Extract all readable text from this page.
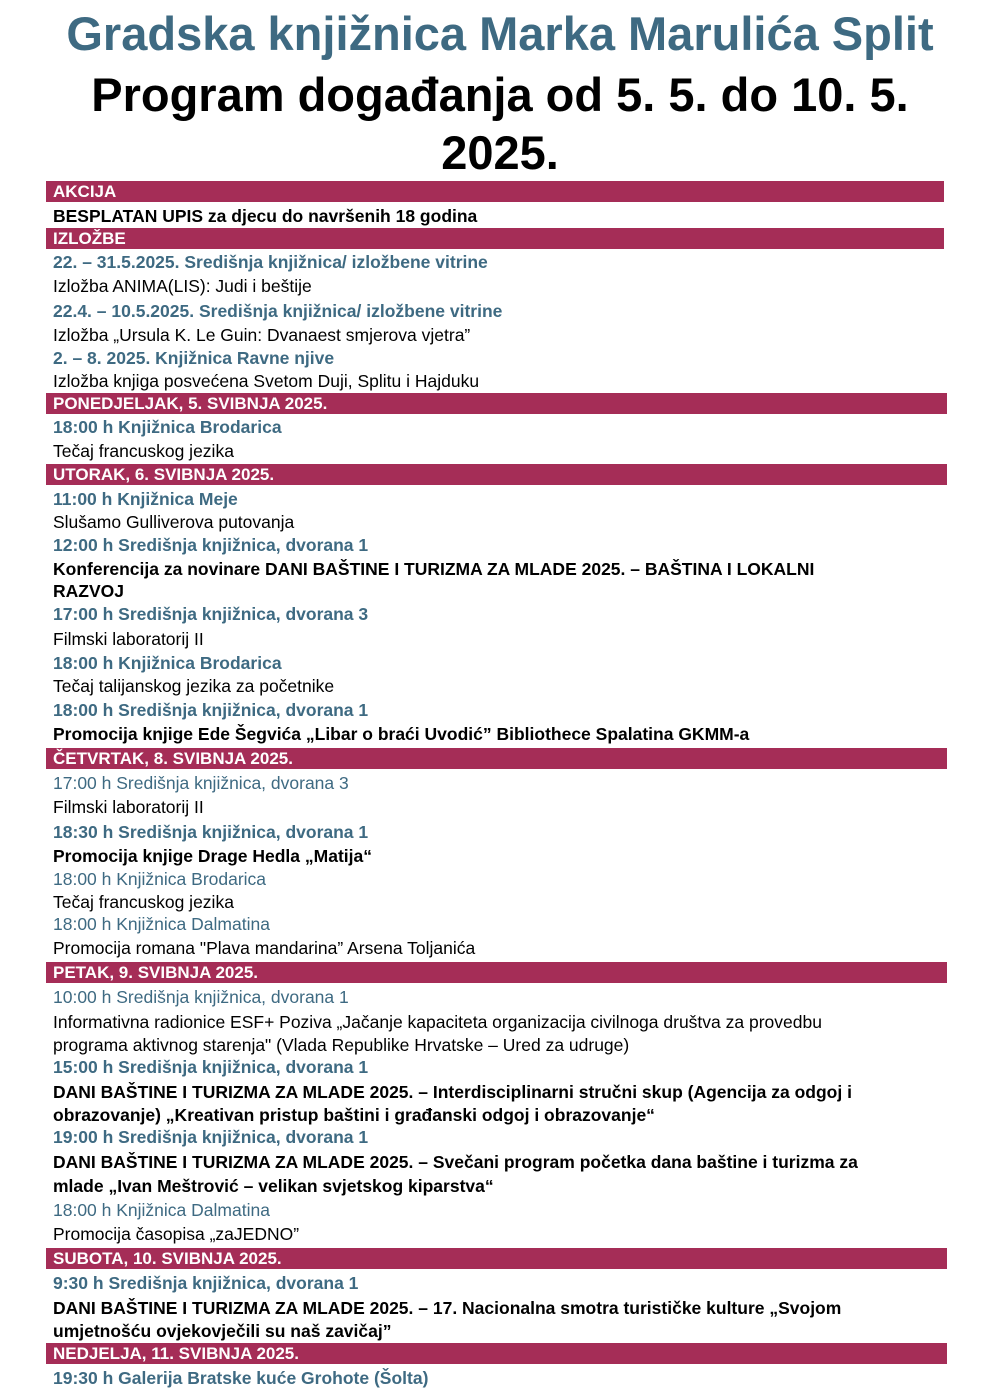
Gradska knjižnica Marka Marulića Split
Program događanja od 5. 5. do 10. 5.
2025.
AKCIJA
BESPLATAN UPIS za djecu do navršenih 18 godina
IZLOŽBE
22. – 31.5.2025. Središnja knjižnica/ izložbene vitrine
Izložba ANIMA(LIS): Judi i beštije
22.4. – 10.5.2025. Središnja knjižnica/ izložbene vitrine
Izložba „Ursula K. Le Guin: Dvanaest smjerova vjetra”
2. – 8. 2025. Knjižnica Ravne njive
Izložba knjiga posvećena Svetom Duji, Splitu i Hajduku
PONEDJELJAK, 5. SVIBNJA 2025.
18:00 h Knjižnica Brodarica
Tečaj francuskog jezika
UTORAK, 6. SVIBNJA 2025.
11:00 h Knjižnica Meje
Slušamo Gulliverova putovanja
12:00 h Središnja knjižnica, dvorana 1
Konferencija za novinare DANI BAŠTINE I TURIZMA ZA MLADE 2025. – BAŠTINA I LOKALNI
RAZVOJ
17:00 h Središnja knjižnica, dvorana 3
Filmski laboratorij II
18:00 h Knjižnica Brodarica
Tečaj talijanskog jezika za početnike
18:00 h Središnja knjižnica, dvorana 1
Promocija knjige Ede Šegvića „Libar o braći Uvodić” Bibliothece Spalatina GKMM-a
ČETVRTAK, 8. SVIBNJA 2025.
17:00 h Središnja knjižnica, dvorana 3
Filmski laboratorij II
18:30 h Središnja knjižnica, dvorana 1
Promocija knjige Drage Hedla „Matija“
18:00 h Knjižnica Brodarica
Tečaj francuskog jezika
18:00 h Knjižnica Dalmatina
Promocija romana "Plava mandarina” Arsena Toljanića
PETAK, 9. SVIBNJA 2025.
10:00 h Središnja knjižnica, dvorana 1
Informativna radionice ESF+ Poziva „Jačanje kapaciteta organizacija civilnoga društva za provedbu
programa aktivnog starenja" (Vlada Republike Hrvatske – Ured za udruge)
15:00 h Središnja knjižnica, dvorana 1
DANI BAŠTINE I TURIZMA ZA MLADE 2025. – Interdisciplinarni stručni skup (Agencija za odgoj i
obrazovanje) „Kreativan pristup baštini i građanski odgoj i obrazovanje“
19:00 h Središnja knjižnica, dvorana 1
DANI BAŠTINE I TURIZMA ZA MLADE 2025. – Svečani program početka dana baštine i turizma za
mlade „Ivan Meštrović – velikan svjetskog kiparstva“
18:00 h Knjižnica Dalmatina
Promocija časopisa „zaJEDNO”
SUBOTA, 10. SVIBNJA 2025.
9:30 h Središnja knjižnica, dvorana 1
DANI BAŠTINE I TURIZMA ZA MLADE 2025. – 17. Nacionalna smotra turističke kulture „Svojom
umjetnošću ovjekovječili su naš zavičaj”
NEDJELJA, 11. SVIBNJA 2025.
19:30 h Galerija Bratske kuće Grohote (Šolta)
